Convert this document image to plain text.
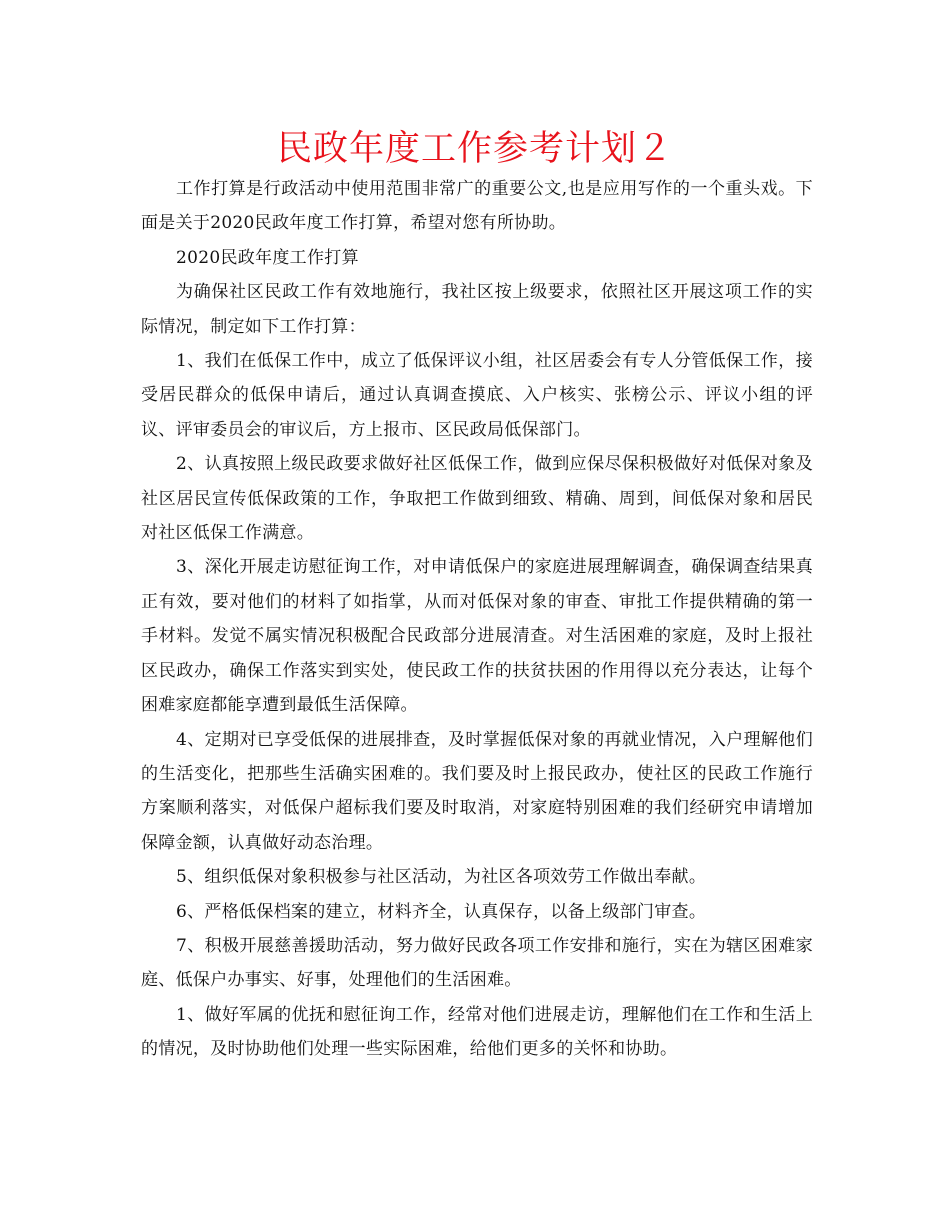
民政年度工作参考计划２

工作打算是行政活动中使用范围非常广的重要公文,也是应用写作的一个重头戏。下面是关于2020民政年度工作打算，希望对您有所协助。

2020民政年度工作打算

为确保社区民政工作有效地施行，我社区按上级要求，依照社区开展这项工作的实际情况，制定如下工作打算：

1、我们在低保工作中，成立了低保评议小组，社区居委会有专人分管低保工作，接受居民群众的低保申请后，通过认真调查摸底、入户核实、张榜公示、评议小组的评议、评审委员会的审议后，方上报市、区民政局低保部门。

2、认真按照上级民政要求做好社区低保工作，做到应保尽保积极做好对低保对象及社区居民宣传低保政策的工作，争取把工作做到细致、精确、周到，间低保对象和居民对社区低保工作满意。

3、深化开展走访慰征询工作，对申请低保户的家庭进展理解调查，确保调查结果真正有效，要对他们的材料了如指掌，从而对低保对象的审查、审批工作提供精确的第一手材料。发觉不属实情况积极配合民政部分进展清查。对生活困难的家庭，及时上报社区民政办，确保工作落实到实处，使民政工作的扶贫扶困的作用得以充分表达，让每个困难家庭都能享遭到最低生活保障。

4、定期对已享受低保的进展排查，及时掌握低保对象的再就业情况，入户理解他们的生活变化，把那些生活确实困难的。我们要及时上报民政办，使社区的民政工作施行方案顺利落实，对低保户超标我们要及时取消，对家庭特别困难的我们经研究申请增加保障金额，认真做好动态治理。

5、组织低保对象积极参与社区活动，为社区各项效劳工作做出奉献。

6、严格低保档案的建立，材料齐全，认真保存，以备上级部门审查。

7、积极开展慈善援助活动，努力做好民政各项工作安排和施行，实在为辖区困难家庭、低保户办事实、好事，处理他们的生活困难。

1、做好军属的优抚和慰征询工作，经常对他们进展走访，理解他们在工作和生活上的情况，及时协助他们处理一些实际困难，给他们更多的关怀和协助。
